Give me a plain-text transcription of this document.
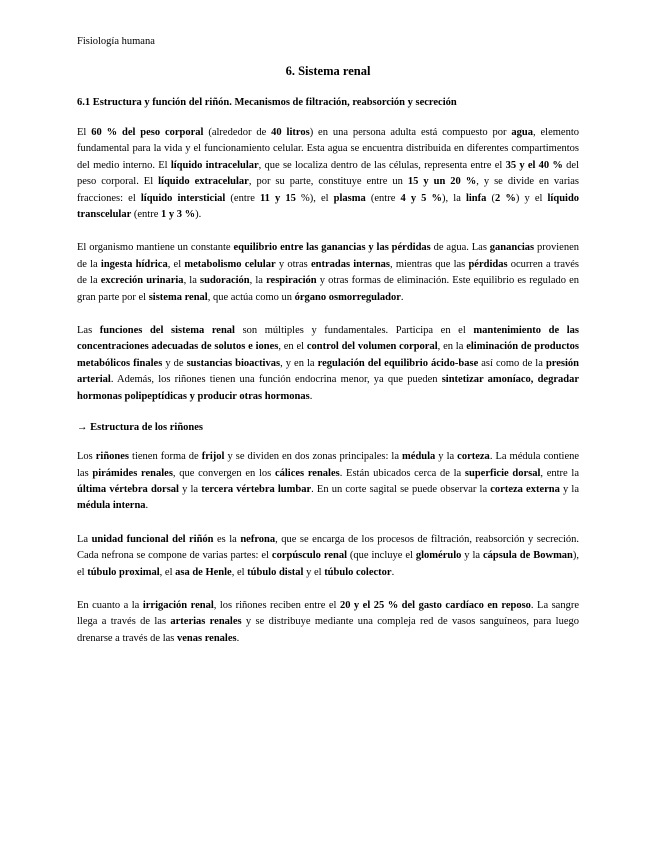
Fisiología humana
6. Sistema renal
6.1 Estructura y función del riñón. Mecanismos de filtración, reabsorción y secreción

El 60 % del peso corporal (alrededor de 40 litros) en una persona adulta está compuesto por agua, elemento fundamental para la vida y el funcionamiento celular. Esta agua se encuentra distribuida en diferentes compartimentos del medio interno. El líquido intracelular, que se localiza dentro de las células, representa entre el 35 y el 40 % del peso corporal. El líquido extracelular, por su parte, constituye entre un 15 y un 20 %, y se divide en varias fracciones: el líquido intersticial (entre 11 y 15 %), el plasma (entre 4 y 5 %), la linfa (2 %) y el líquido transcelular (entre 1 y 3 %).

El organismo mantiene un constante equilibrio entre las ganancias y las pérdidas de agua. Las ganancias provienen de la ingesta hídrica, el metabolismo celular y otras entradas internas, mientras que las pérdidas ocurren a través de la excreción urinaria, la sudoración, la respiración y otras formas de eliminación. Este equilibrio es regulado en gran parte por el sistema renal, que actúa como un órgano osmorregulador.

Las funciones del sistema renal son múltiples y fundamentales. Participa en el mantenimiento de las concentraciones adecuadas de solutos e iones, en el control del volumen corporal, en la eliminación de productos metabólicos finales y de sustancias bioactivas, y en la regulación del equilibrio ácido-base así como de la presión arterial. Además, los riñones tienen una función endocrina menor, ya que pueden sintetizar amoníaco, degradar hormonas polipeptídicas y producir otras hormonas.

→ Estructura de los riñones

Los riñones tienen forma de frijol y se dividen en dos zonas principales: la médula y la corteza. La médula contiene las pirámides renales, que convergen en los cálices renales. Están ubicados cerca de la superficie dorsal, entre la última vértebra dorsal y la tercera vértebra lumbar. En un corte sagital se puede observar la corteza externa y la médula interna.

La unidad funcional del riñón es la nefrona, que se encarga de los procesos de filtración, reabsorción y secreción. Cada nefrona se compone de varias partes: el corpúsculo renal (que incluye el glomérulo y la cápsula de Bowman), el túbulo proximal, el asa de Henle, el túbulo distal y el túbulo colector.

En cuanto a la irrigación renal, los riñones reciben entre el 20 y el 25 % del gasto cardíaco en reposo. La sangre llega a través de las arterias renales y se distribuye mediante una compleja red de vasos sanguíneos, para luego drenarse a través de las venas renales.
